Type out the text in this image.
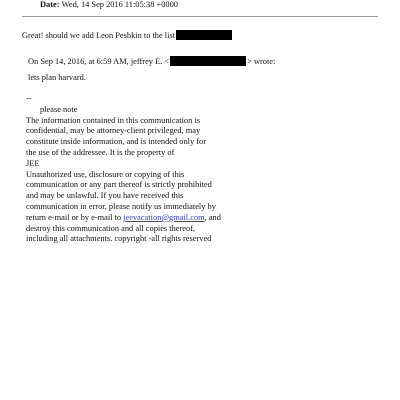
Date: Wed, 14 Sep 2016 11:05:38 +0000
Great! should we add Leon Peshkin to the list
On Sep 14, 2016, at 6:59 AM, jeffrey E. <	> wrote:
lets plan harvard.
--
please note
The information contained in this communication is
confidential, may be attorney-client privileged, may
constitute inside information, and is intended only for
the use of the addressee. It is the property of
JEE
Unauthorized use, disclosure or copying of this
communication or any part thereof is strictly prohibited
and may be unlawful. If you have received this
communication in error, please notify us immediately by
return e-mail or by e-mail to jeevacation@gmail.com, and
destroy this communication and all copies thereof,
including all attachments. copyright -all rights reserved
